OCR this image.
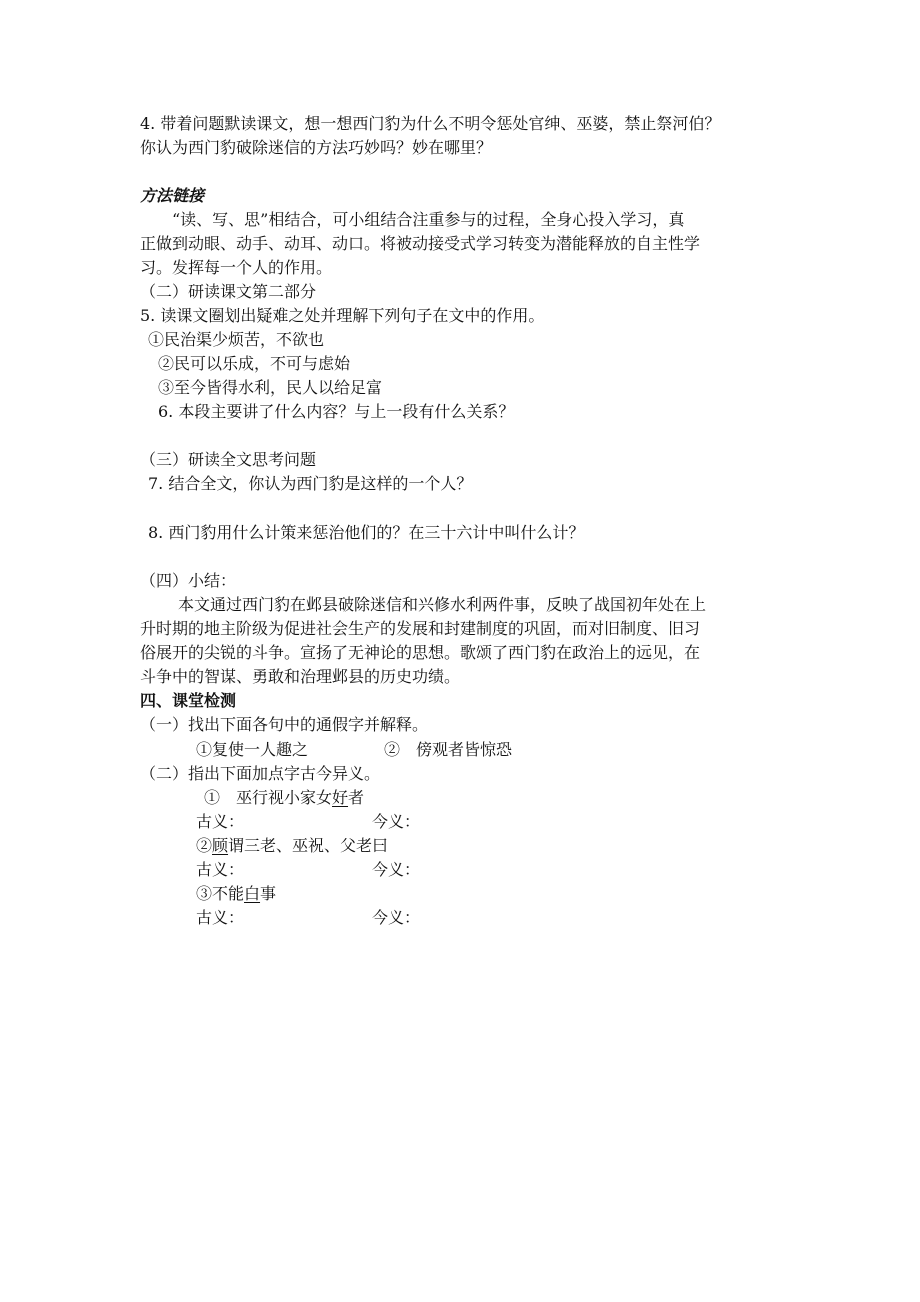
4. 带着问题默读课文，想一想西门豹为什么不明令惩处官绅、巫婆，禁止祭河伯？
你认为西门豹破除迷信的方法巧妙吗？妙在哪里？
方法链接
“读、写、思”相结合，可小组结合注重参与的过程，全身心投入学习，真
正做到动眼、动手、动耳、动口。将被动接受式学习转变为潜能释放的自主性学
习。发挥每一个人的作用。
（二）研读课文第二部分
5. 读课文圈划出疑难之处并理解下列句子在文中的作用。
①民治渠少烦苦，不欲也
②民可以乐成，不可与虑始
③至今皆得水利，民人以给足富
6. 本段主要讲了什么内容？与上一段有什么关系？
（三）研读全文思考问题
7. 结合全文，你认为西门豹是这样的一个人？
8. 西门豹用什么计策来惩治他们的？在三十六计中叫什么计？
（四）小结：
本文通过西门豹在邺县破除迷信和兴修水利两件事，反映了战国初年处在上
升时期的地主阶级为促进社会生产的发展和封建制度的巩固，而对旧制度、旧习
俗展开的尖锐的斗争。宣扬了无神论的思想。歌颂了西门豹在政治上的远见，在
斗争中的智谋、勇敢和治理邺县的历史功绩。
四、课堂检测
（一）找出下面各句中的通假字并解释。
①复使一人趣之	②　傍观者皆惊恐
（二）指出下面加点字古今异义。
①　巫行视小家女好者
古义：	今义：
②顾谓三老、巫祝、父老曰
古义：	今义：
③不能白事
古义：	今义：
